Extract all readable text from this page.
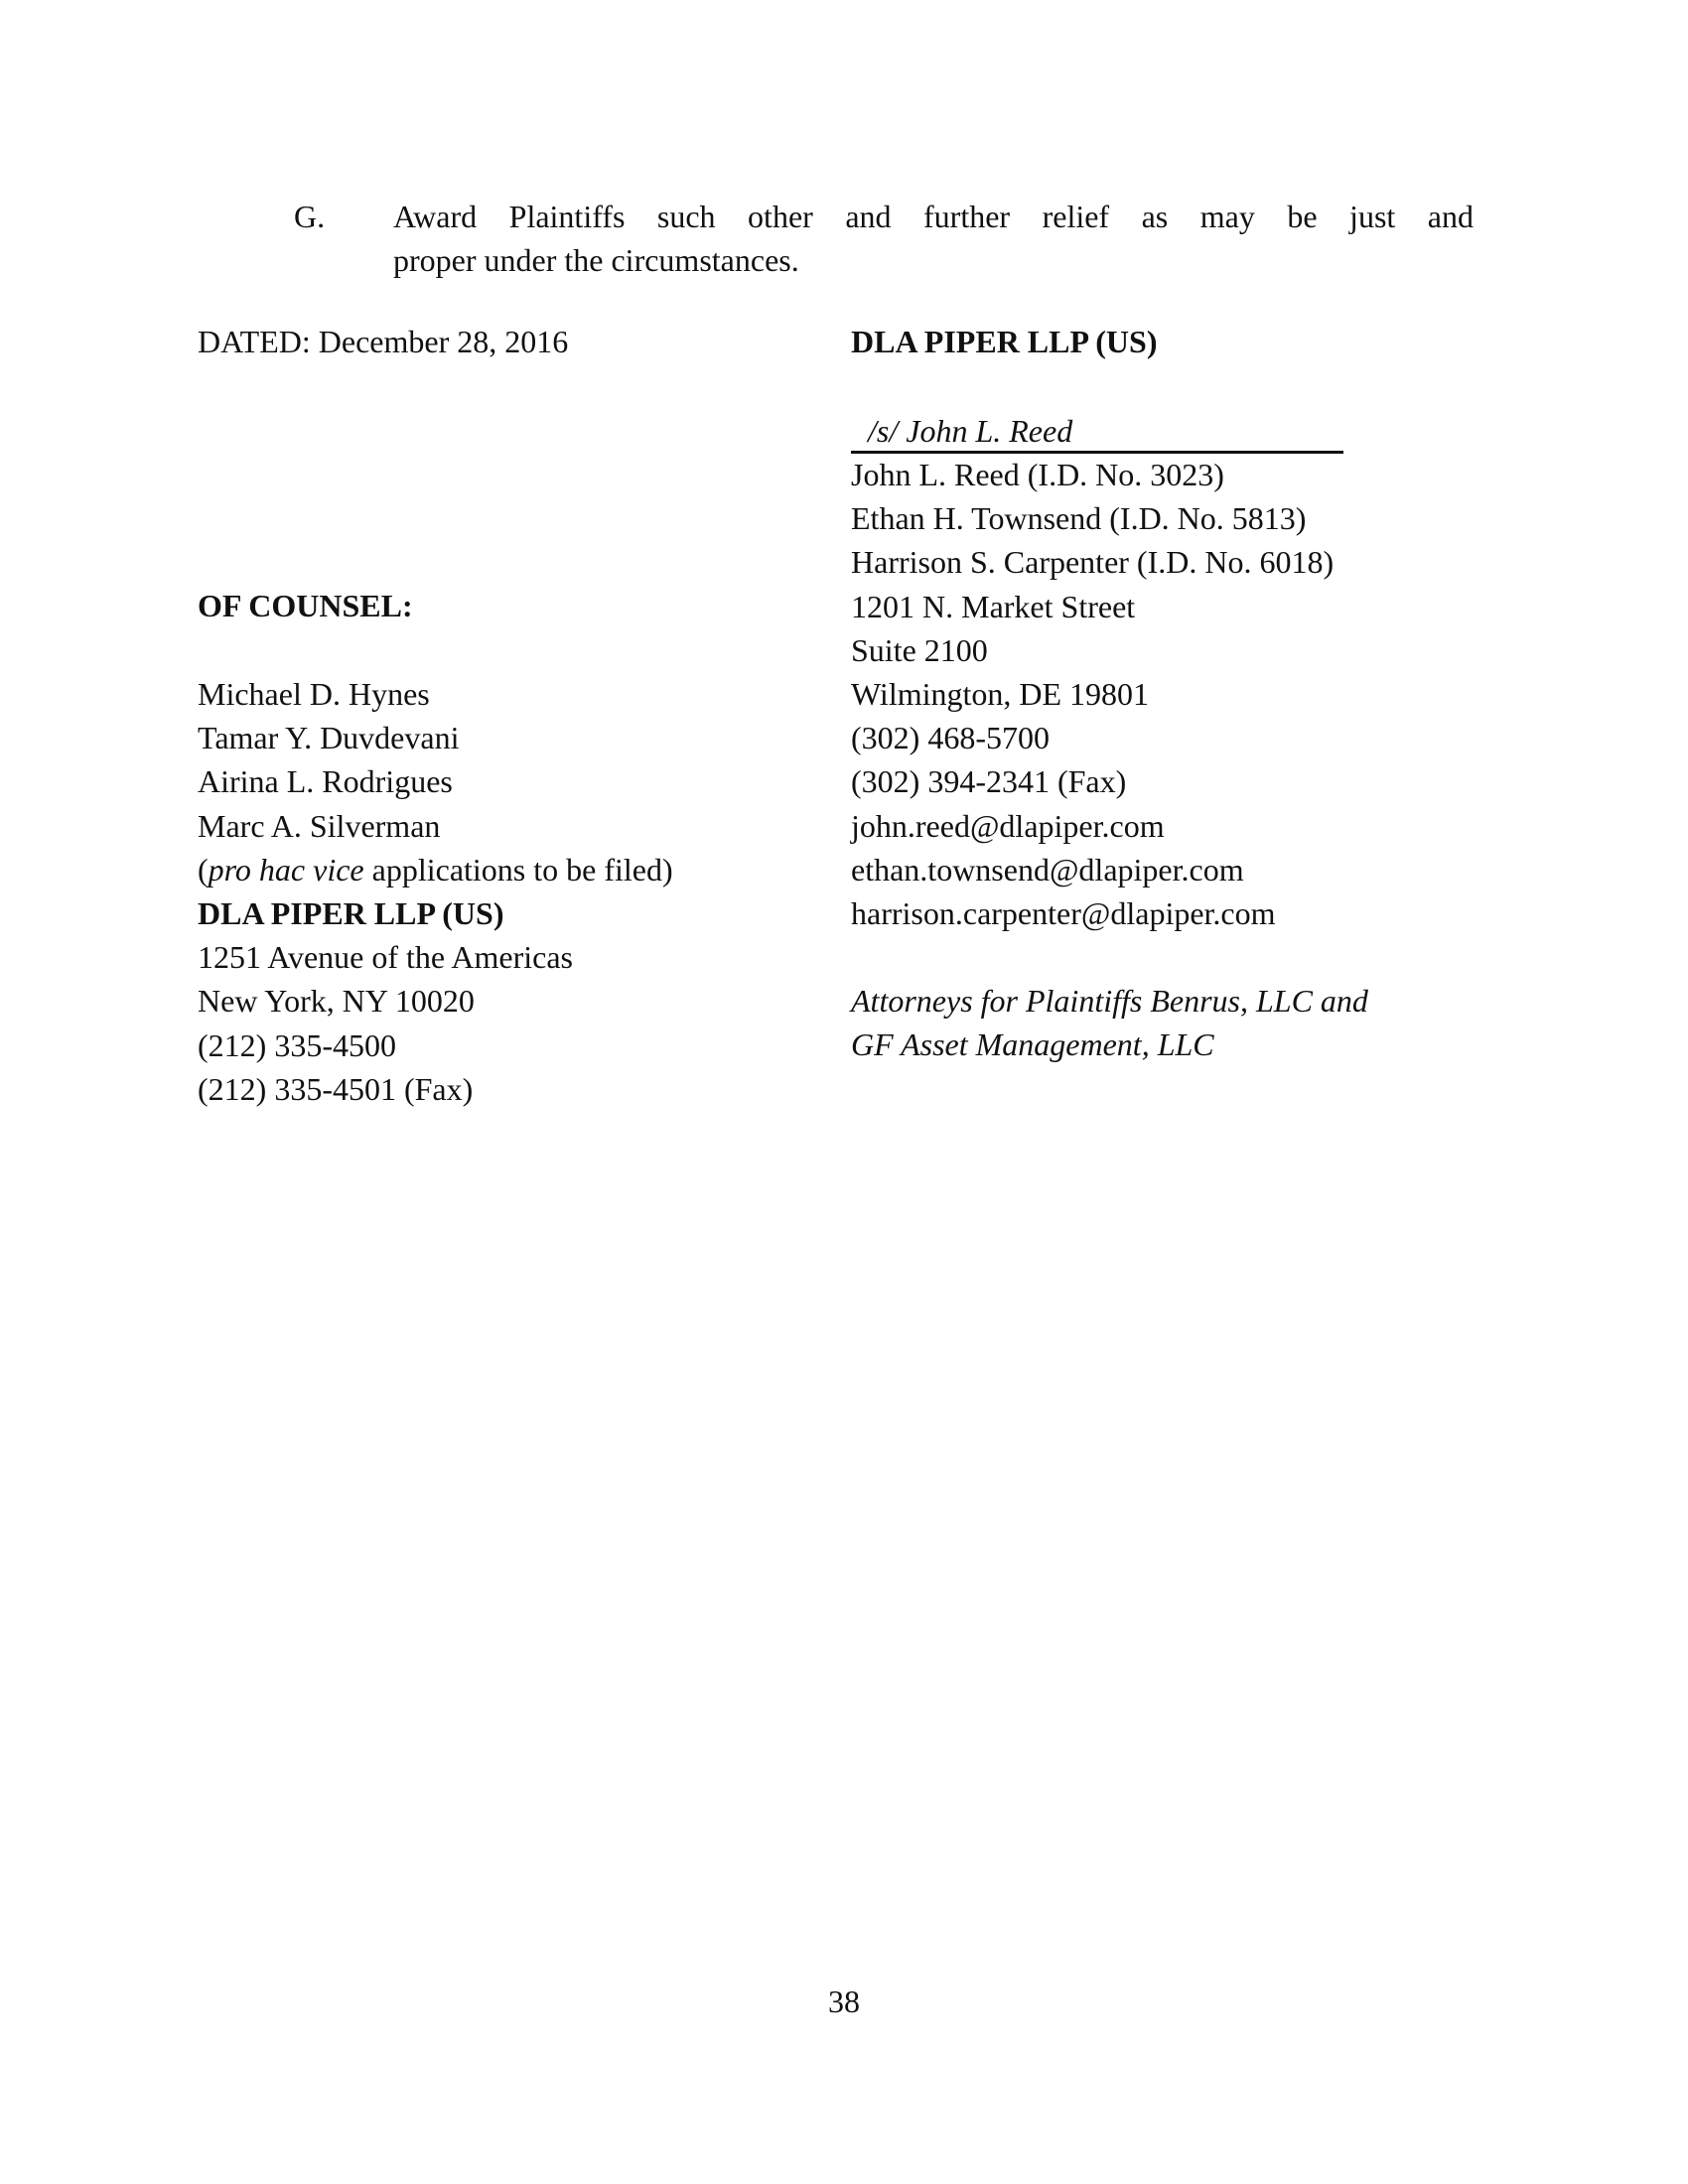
G. Award Plaintiffs such other and further relief as may be just and
proper under the circumstances.
DATED: December 28, 2016	DLA PIPER LLP (US)
/s/ John L. Reed
John L. Reed (I.D. No. 3023)
Ethan H. Townsend (I.D. No. 5813)
Harrison S. Carpenter (I.D. No. 6018)
1201 N. Market Street
Suite 2100
Wilmington, DE 19801
(302) 468-5700
(302) 394-2341 (Fax)
john.reed@dlapiper.com
ethan.townsend@dlapiper.com
harrison.carpenter@dlapiper.com
Attorneys for Plaintiffs Benrus, LLC and
GF Asset Management, LLC
OF COUNSEL:
Michael D. Hynes
Tamar Y. Duvdevani
Airina L. Rodrigues
Marc A. Silverman
(pro hac vice applications to be filed)
DLA PIPER LLP (US)
1251 Avenue of the Americas
New York, NY 10020
(212) 335-4500
(212) 335-4501 (Fax)
38
